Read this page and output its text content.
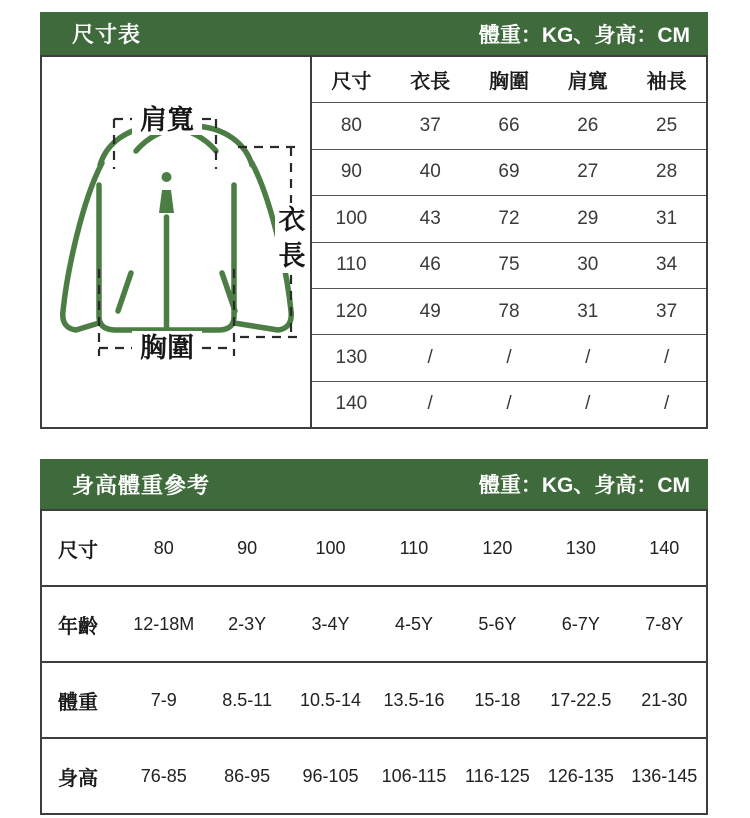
尺寸表	體重：KG、身高：CM
肩寬
衣
長
胸圍
尺寸	衣長	胸圍	肩寬	袖長
80	37	66	26	25
90	40	69	27	28
100	43	72	29	31
110	46	75	30	34
120	49	78	31	37
130	/	/	/	/
140	/	/	/	/
身高體重參考	體重：KG、身高：CM
尺寸	80	90	100	110	120	130	140
年齡	12-18M	2-3Y	3-4Y	4-5Y	5-6Y	6-7Y	7-8Y
體重	7-9	8.5-11	10.5-14	13.5-16	15-18	17-22.5	21-30
身高	76-85	86-95	96-105	106-115	116-125	126-135 136-145
